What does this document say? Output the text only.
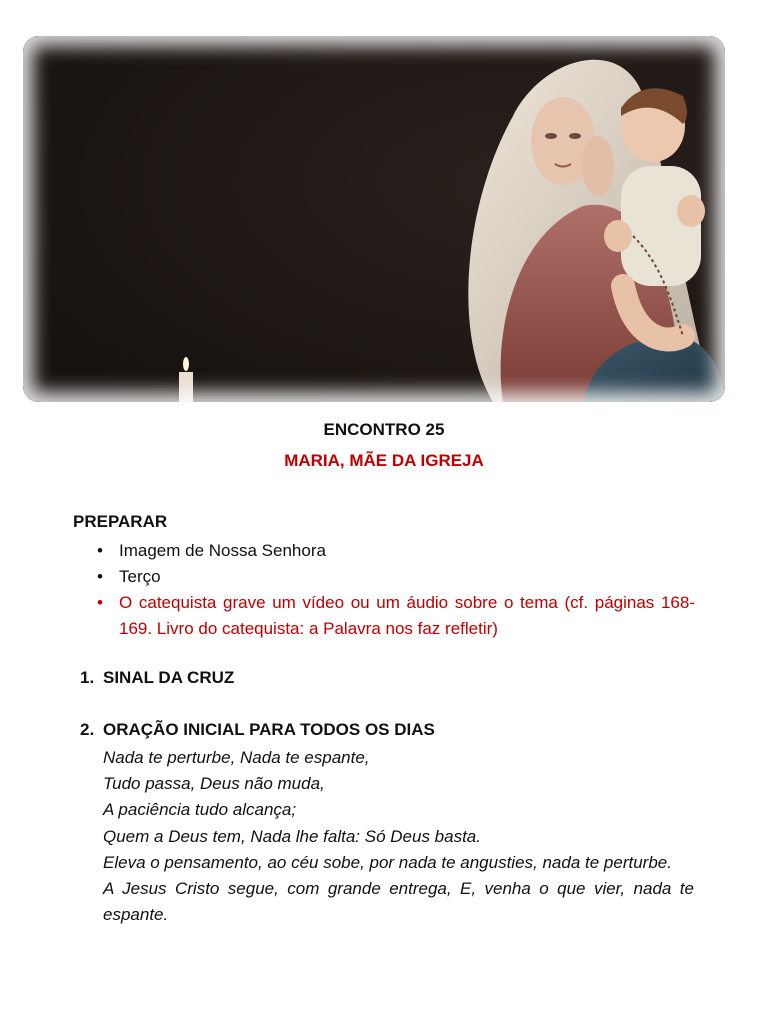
ENCONTRO 25
MARIA, MÃE DA IGREJA
PREPARAR
• Imagem de Nossa Senhora
• Terço
• O catequista grave um vídeo ou um áudio sobre o tema (cf. páginas 168-169. Livro do catequista: a Palavra nos faz refletir)
1. SINAL DA CRUZ
2. ORAÇÃO INICIAL PARA TODOS OS DIAS
Nada te perturbe, Nada te espante,
Tudo passa, Deus não muda,
A paciência tudo alcança;
Quem a Deus tem, Nada lhe falta: Só Deus basta.
Eleva o pensamento, ao céu sobe, por nada te angusties, nada te perturbe.
A Jesus Cristo segue, com grande entrega, E, venha o que vier, nada te
espante.
